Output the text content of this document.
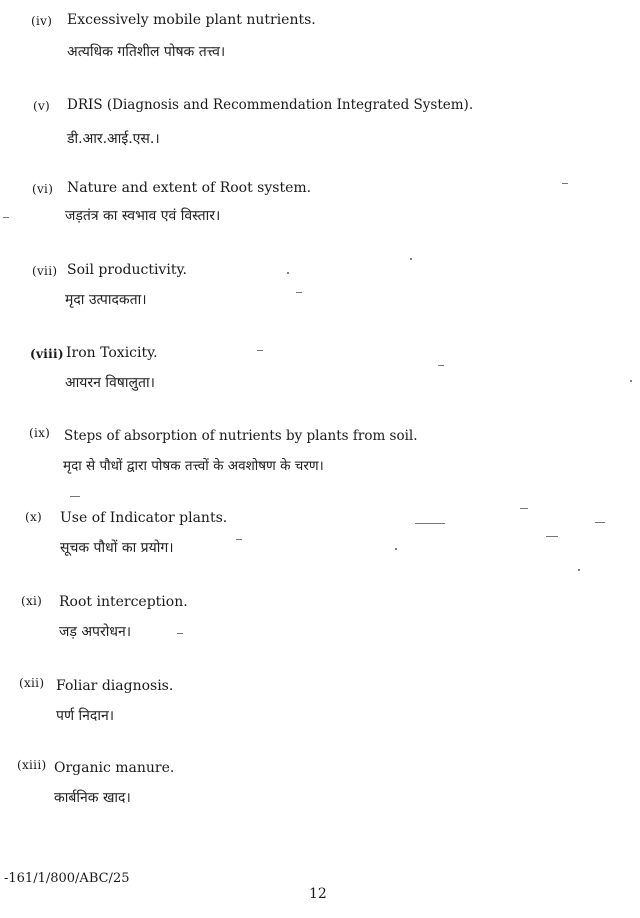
(iv) Excessively mobile plant nutrients.
अत्यधिक गतिशील पोषक तत्त्व।
(v) DRIS (Diagnosis and Recommendation Integrated System).
डी.आर.आई.एस.।
(vi) Nature and extent of Root system.
जड़तंत्र का स्वभाव एवं विस्तार।
(vii) Soil productivity.
मृदा उत्पादकता।
(viii) Iron Toxicity.
आयरन विषालुता।
(ix) Steps of absorption of nutrients by plants from soil.
मृदा से पौधों द्वारा पोषक तत्त्वों के अवशोषण के चरण।
(x) Use of Indicator plants.
सूचक पौधों का प्रयोग।
(xi) Root interception.
जड़ अपरोधन।
(xii) Foliar diagnosis.
पर्ण निदान।
(xiii) Organic manure.
कार्बनिक खाद।
-161/1/800/ABC/25
12
